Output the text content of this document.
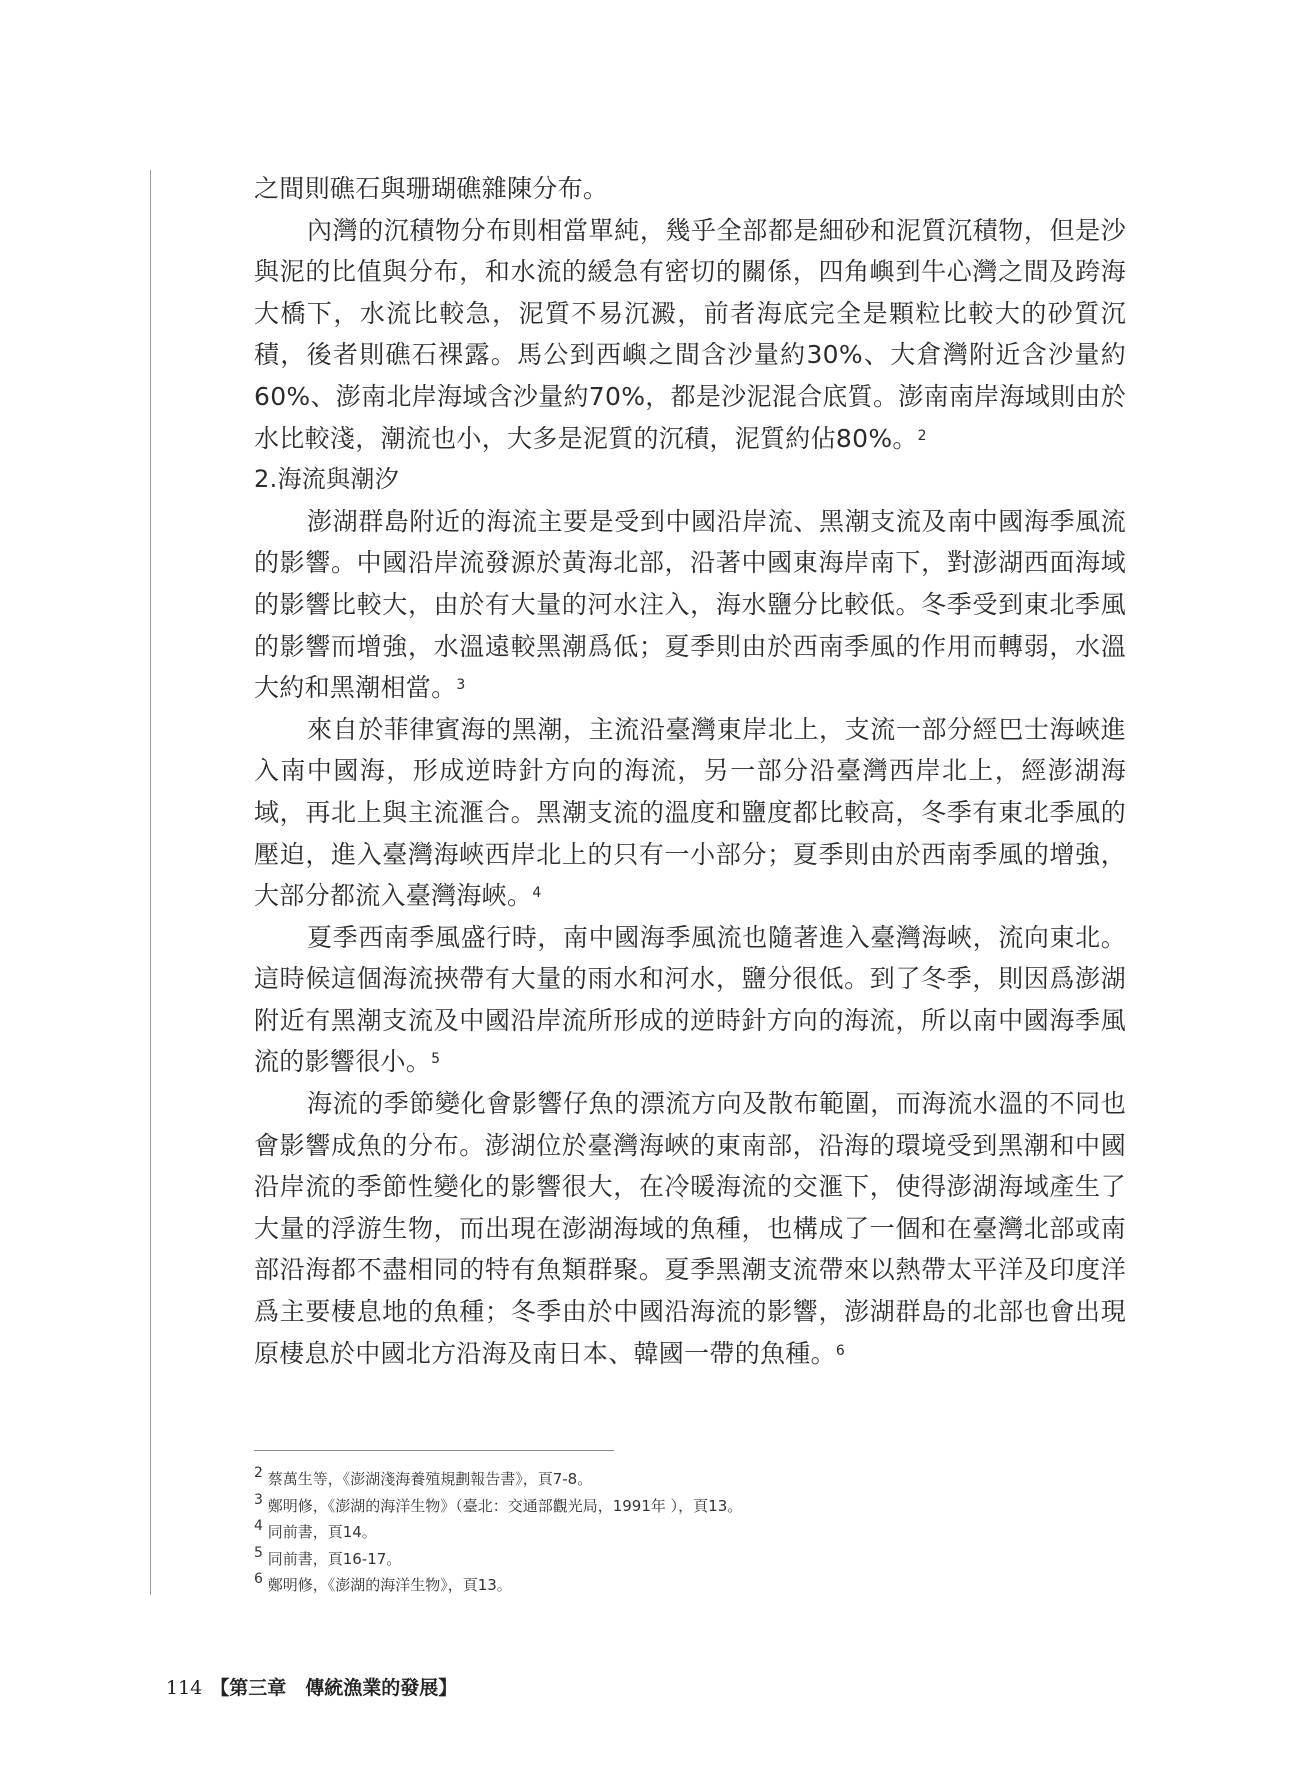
之間則礁石與珊瑚礁雜陳分布。

內灣的沉積物分布則相當單純，幾乎全部都是細砂和泥質沉積物，但是沙與泥的比值與分布，和水流的緩急有密切的關係，四角嶼到牛心灣之間及跨海大橋下，水流比較急，泥質不易沉澱，前者海底完全是顆粒比較大的砂質沉積，後者則礁石裸露。馬公到西嶼之間含沙量約30%、大倉灣附近含沙量約60%、澎南北岸海域含沙量約70%，都是沙泥混合底質。澎南南岸海域則由於水比較淺，潮流也小，大多是泥質的沉積，泥質約佔80%。$^2$

2.海流與潮汐

澎湖群島附近的海流主要是受到中國沿岸流、黑潮支流及南中國海季風流的影響。中國沿岸流發源於黃海北部，沿著中國東海岸南下，對澎湖西面海域的影響比較大，由於有大量的河水注入，海水鹽分比較低。冬季受到東北季風的影響而增強，水溫遠較黑潮爲低；夏季則由於西南季風的作用而轉弱，水溫大約和黑潮相當。$^3$

來自於菲律賓海的黑潮，主流沿臺灣東岸北上，支流一部分經巴士海峽進入南中國海，形成逆時針方向的海流，另一部分沿臺灣西岸北上，經澎湖海域，再北上與主流滙合。黑潮支流的溫度和鹽度都比較高，冬季有東北季風的壓迫，進入臺灣海峽西岸北上的只有一小部分；夏季則由於西南季風的增強，大部分都流入臺灣海峽。$^4$

夏季西南季風盛行時，南中國海季風流也隨著進入臺灣海峽，流向東北。這時候這個海流挾帶有大量的雨水和河水，鹽分很低。到了冬季，則因爲澎湖附近有黑潮支流及中國沿岸流所形成的逆時針方向的海流，所以南中國海季風流的影響很小。$^5$

海流的季節變化會影響仔魚的漂流方向及散布範圍，而海流水溫的不同也會影響成魚的分布。澎湖位於臺灣海峽的東南部，沿海的環境受到黑潮和中國沿岸流的季節性變化的影響很大，在冷暖海流的交滙下，使得澎湖海域產生了大量的浮游生物，而出現在澎湖海域的魚種，也構成了一個和在臺灣北部或南部沿海都不盡相同的特有魚類群聚。夏季黑潮支流帶來以熱帶太平洋及印度洋爲主要棲息地的魚種；冬季由於中國沿海流的影響，澎湖群島的北部也會出現原棲息於中國北方沿海及南日本、韓國一帶的魚種。$^6$

$^2$ 蔡萬生等，《澎湖淺海養殖規劃報告書》，頁7-8。

$^3$ 鄭明修，《澎湖的海洋生物》（臺北：交通部觀光局，1991年 ），頁13。

$^4$ 同前書，頁14。

$^5$ 同前書，頁16-17。

$^6$ 鄭明修，《澎湖的海洋生物》，頁13。

114 【第三章　傳統漁業的發展】
